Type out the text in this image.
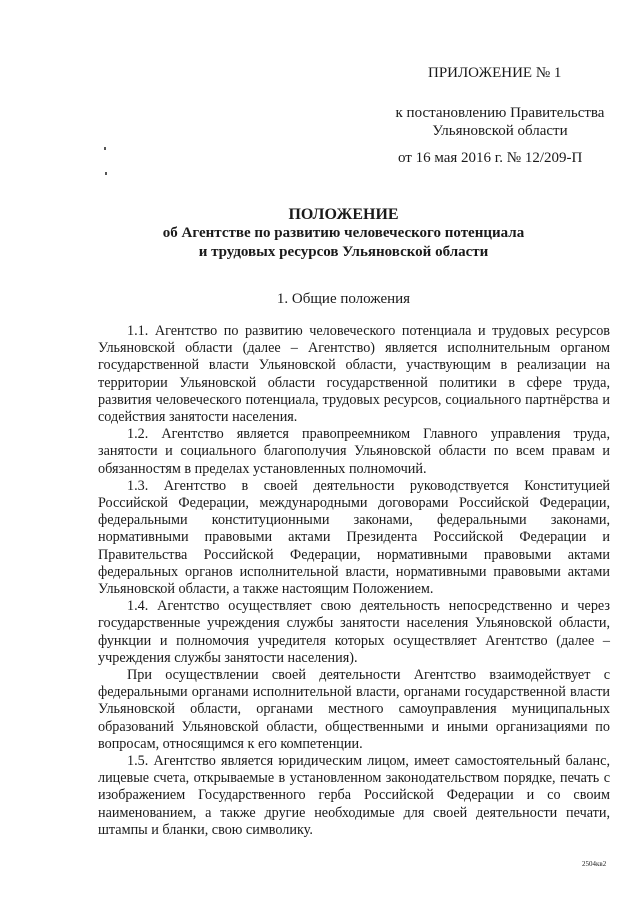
ПРИЛОЖЕНИЕ № 1
к постановлению Правительства
Ульяновской области
от 16 мая 2016 г. № 12/209-П
ПОЛОЖЕНИЕ
об Агентстве по развитию человеческого потенциала
и трудовых ресурсов Ульяновской области
1. Общие положения

1.1. Агентство по развитию человеческого потенциала и трудовых ресурсов Ульяновской области (далее – Агентство) является исполнительным органом государственной власти Ульяновской области, участвующим в реализации на территории Ульяновской области государственной политики в сфере труда, развития человеческого потенциала, трудовых ресурсов, социального партнёрства и содействия занятости населения.

1.2. Агентство является правопреемником Главного управления труда, занятости и социального благополучия Ульяновской области по всем правам и обязанностям в пределах установленных полномочий.

1.3. Агентство в своей деятельности руководствуется Конституцией Российской Федерации, международными договорами Российской Федерации, федеральными конституционными законами, федеральными законами, нормативными правовыми актами Президента Российской Федерации и Правительства Российской Федерации, нормативными правовыми актами федеральных органов исполнительной власти, нормативными правовыми актами Ульяновской области, а также настоящим Положением.

1.4. Агентство осуществляет свою деятельность непосредственно и через государственные учреждения службы занятости населения Ульяновской области, функции и полномочия учредителя которых осуществляет Агентство (далее – учреждения службы занятости населения).

При осуществлении своей деятельности Агентство взаимодействует с федеральными органами исполнительной власти, органами государственной власти Ульяновской области, органами местного самоуправления муниципальных образований Ульяновской области, общественными и иными организациями по вопросам, относящимся к его компетенции.

1.5. Агентство является юридическим лицом, имеет самостоятельный баланс, лицевые счета, открываемые в установленном законодательством порядке, печать с изображением Государственного герба Российской Федерации и со своим наименованием, а также другие необходимые для своей деятельности печати, штампы и бланки, свою символику.

2504кв2
